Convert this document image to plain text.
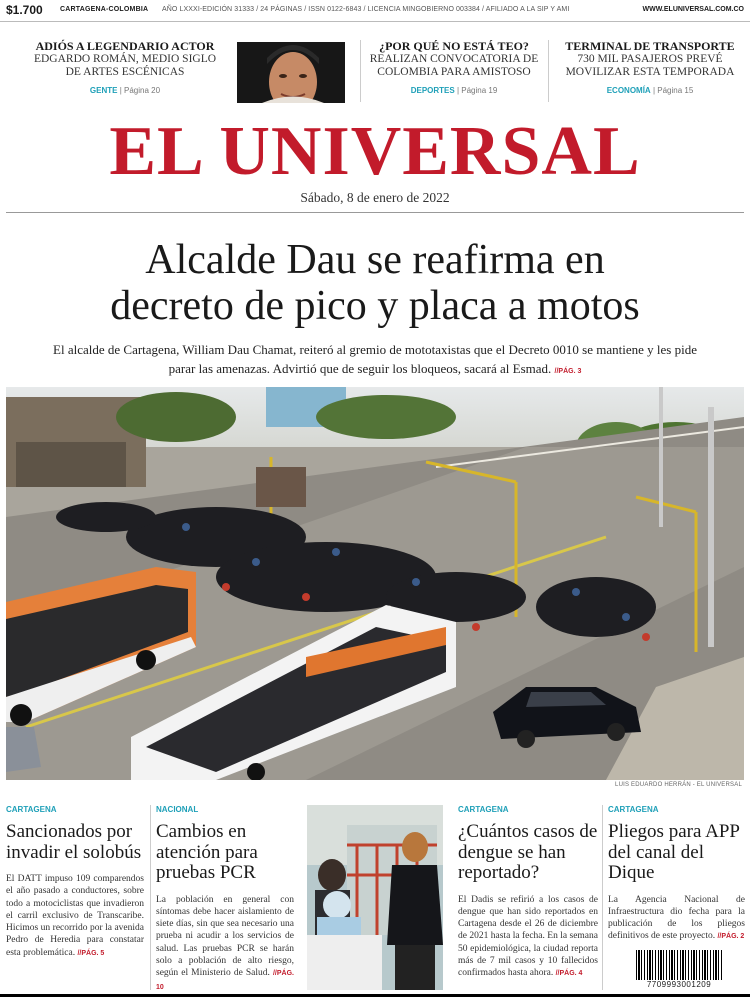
$1.700 CARTAGENA-COLOMBIA AÑO LXXXI-EDICIÓN 31333 / 24 PÁGINAS / ISSN 0122-6843 / LICENCIA MINGOBIERNO 003384 / AFILIADO A LA SIP Y AMI	WWW.ELUNIVERSAL.COM.CO
ADIÓS A LEGENDARIO ACTOR
EDGARDO ROMÁN, MEDIO SIGLO DE ARTES ESCÉNICAS
GENTE | Página 20
¿POR QUÉ NO ESTÁ TEO?
REALIZAN CONVOCATORIA DE COLOMBIA PARA AMISTOSO
DEPORTES | Página 19
TERMINAL DE TRANSPORTE
730 MIL PASAJEROS PREVÉ MOVILIZAR ESTA TEMPORADA
ECONOMÍA | Página 15
EL UNIVERSAL
Sábado, 8 de enero de 2022
Alcalde Dau se reafirma en
decreto de pico y placa a motos
El alcalde de Cartagena, William Dau Chamat, reiteró al gremio de mototaxistas que el Decreto 0010 se mantiene y les pide parar las amenazas. Advirtió que de seguir los bloqueos, sacará al Esmad. //PÁG. 3
LUIS EDUARDO HERRÁN - EL UNIVERSAL
CARTAGENA
Sancionados por invadir el solobús
El DATT impuso 109 comparendos el año pasado a conductores, sobre todo a motociclistas que invadieron el carril exclusivo de Transcaribe. Hicimos un recorrido por la avenida Pedro de Heredia para constatar esta problemática. //PÁG. 5
NACIONAL
Cambios en atención para pruebas PCR
La población en general con síntomas debe hacer aislamiento de siete días, sin que sea necesario una prueba ni acudir a los servicios de salud. Las pruebas PCR se harán solo a población de alto riesgo, según el Ministerio de Salud. //PÁG. 10
CARTAGENA
¿Cuántos casos de dengue se han reportado?
El Dadis se refirió a los casos de dengue que han sido reportados en Cartagena desde el 26 de diciembre de 2021 hasta la fecha. En la semana 50 epidemiológica, la ciudad reporta más de 7 mil casos y 10 fallecidos confirmados hasta ahora. //PÁG. 4
CARTAGENA
Pliegos para APP del canal del Dique
La Agencia Nacional de Infraestructura dio fecha para la publicación de los pliegos definitivos de este proyecto. //PÁG. 2
7709993001209
